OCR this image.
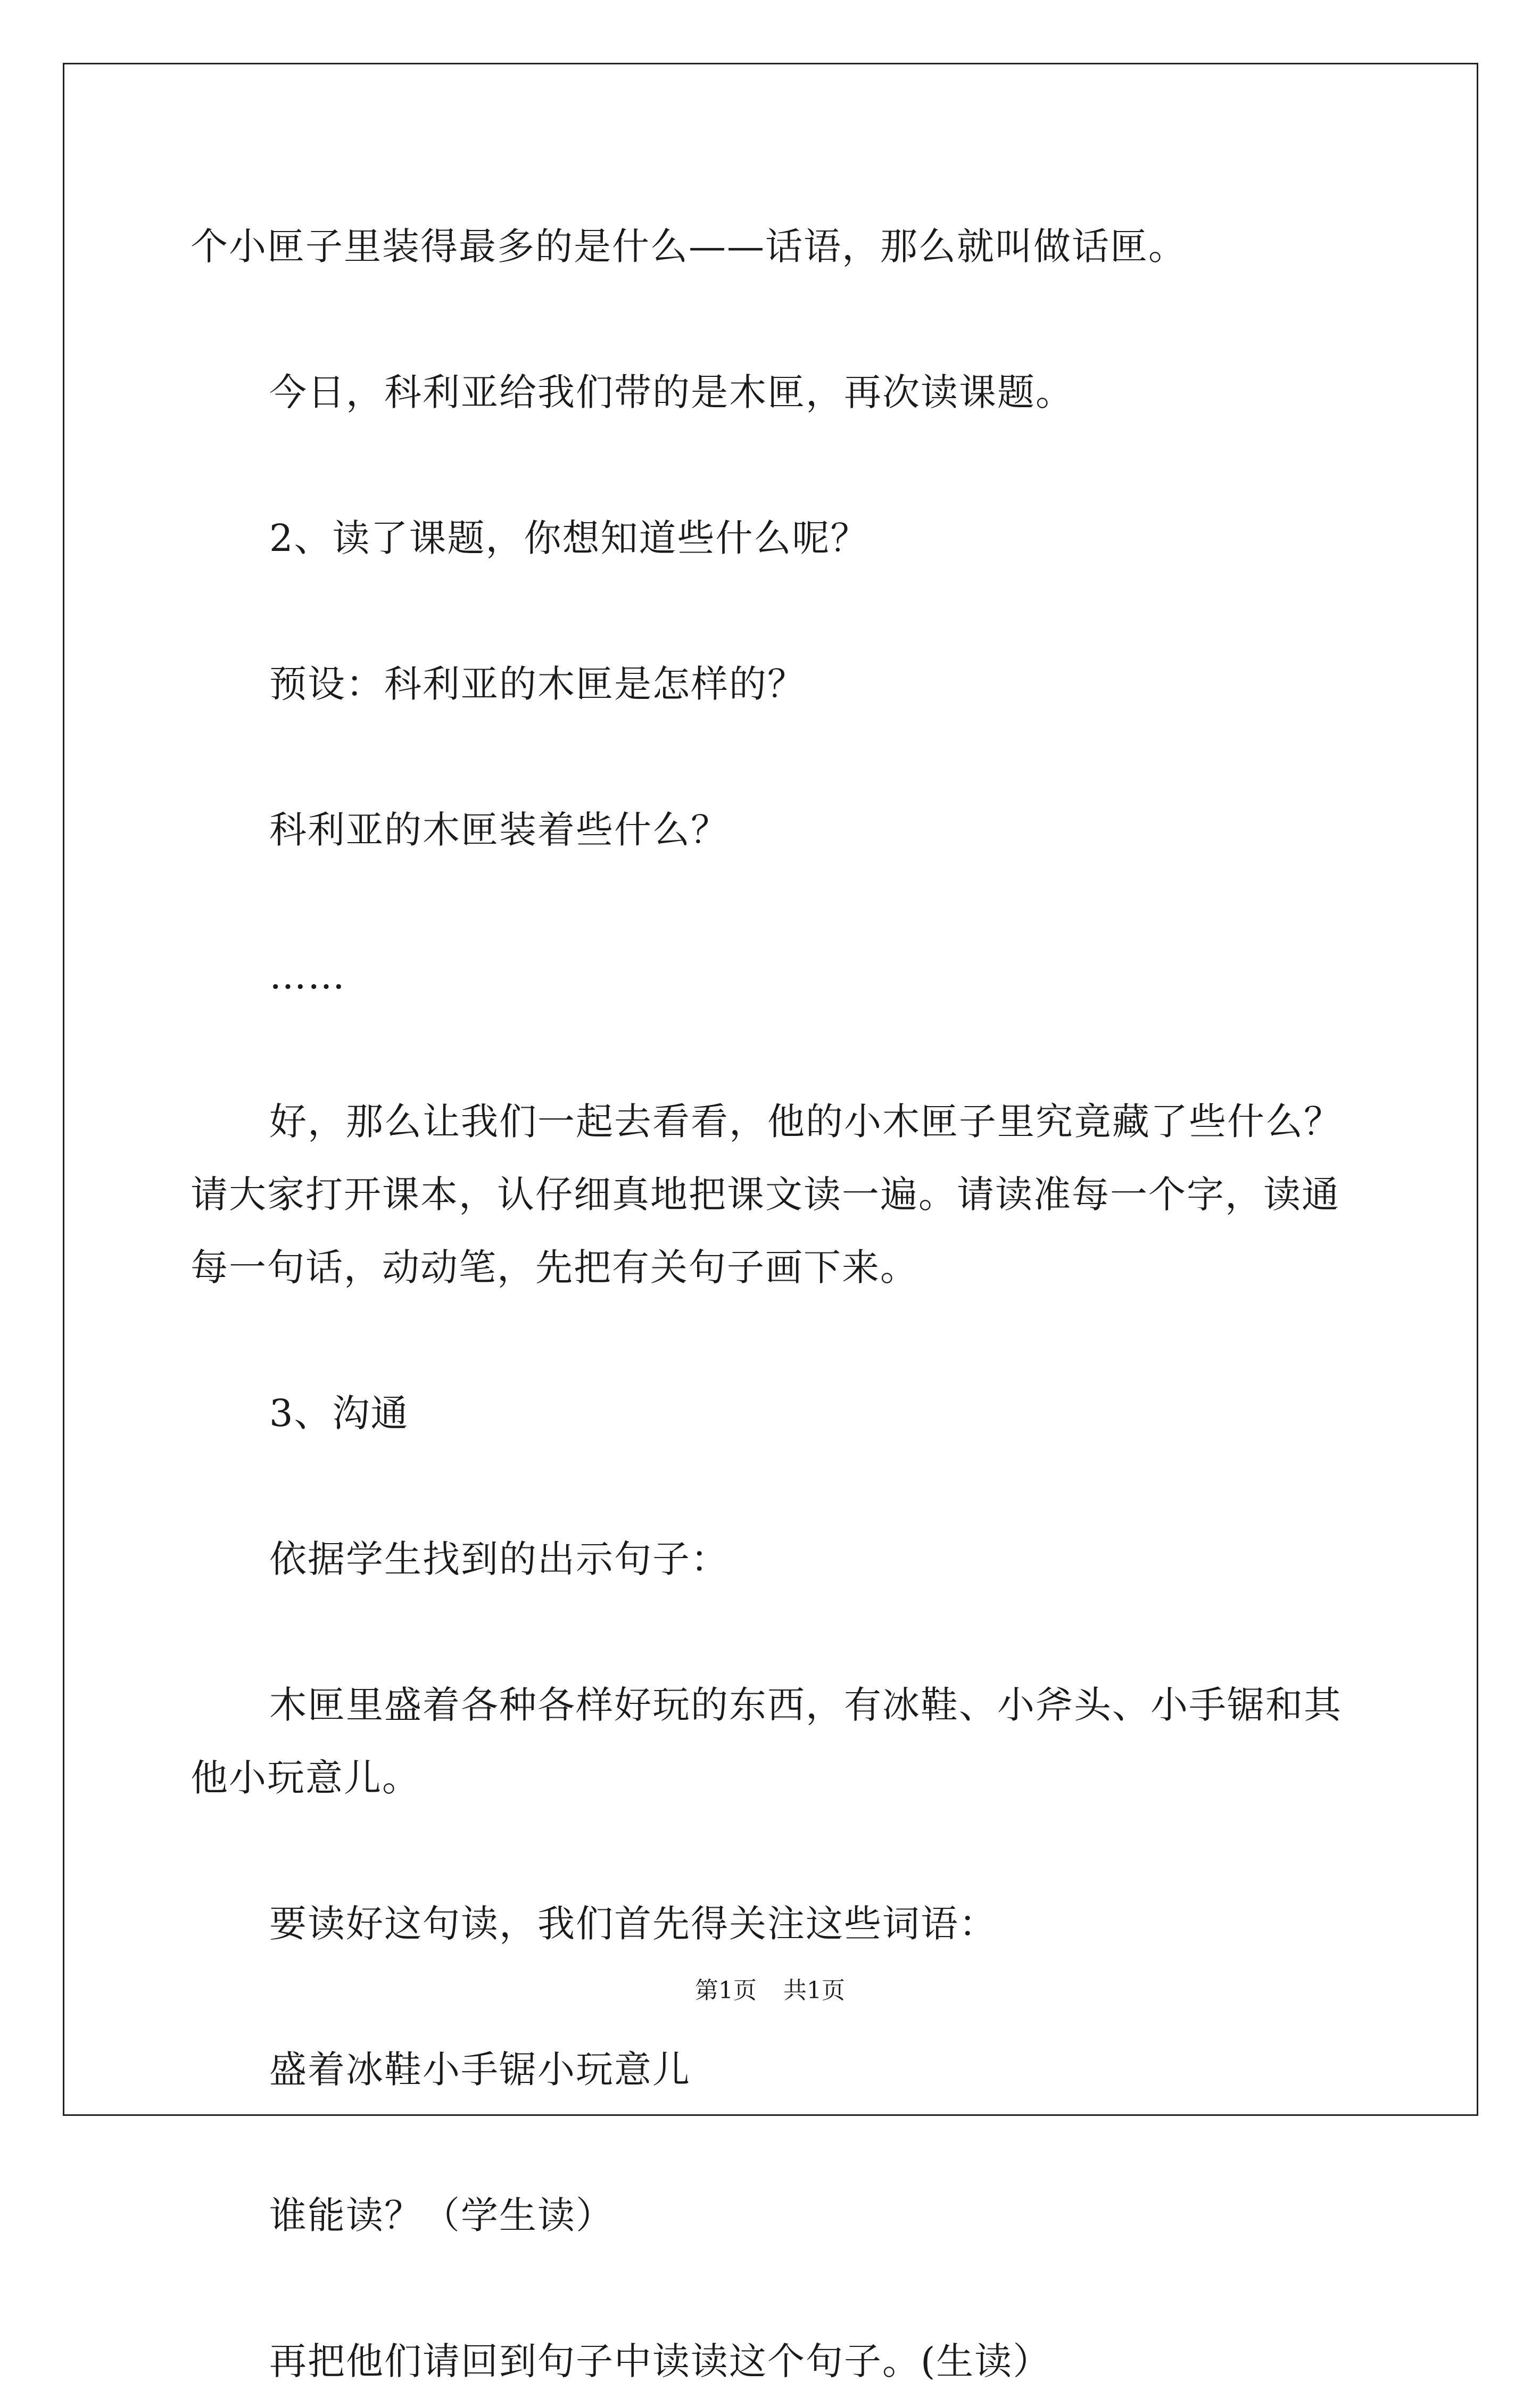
个小匣子里装得最多的是什么——话语，那么就叫做话匣。

今日，科利亚给我们带的是木匣，再次读课题。

2、读了课题，你想知道些什么呢？

预设：科利亚的木匣是怎样的？

科利亚的木匣装着些什么？

……

好，那么让我们一起去看看，他的小木匣子里究竟藏了些什么？请大家打开课本，认仔细真地把课文读一遍。请读准每一个字，读通每一句话，动动笔，先把有关句子画下来。

3、沟通

依据学生找到的出示句子：

木匣里盛着各种各样好玩的东西，有冰鞋、小斧头、小手锯和其他小玩意儿。

要读好这句读，我们首先得关注这些词语：

盛着冰鞋小手锯小玩意儿

谁能读？（学生读）

再把他们请回到句子中读读这个句子。(生读）

第1页 共1页
